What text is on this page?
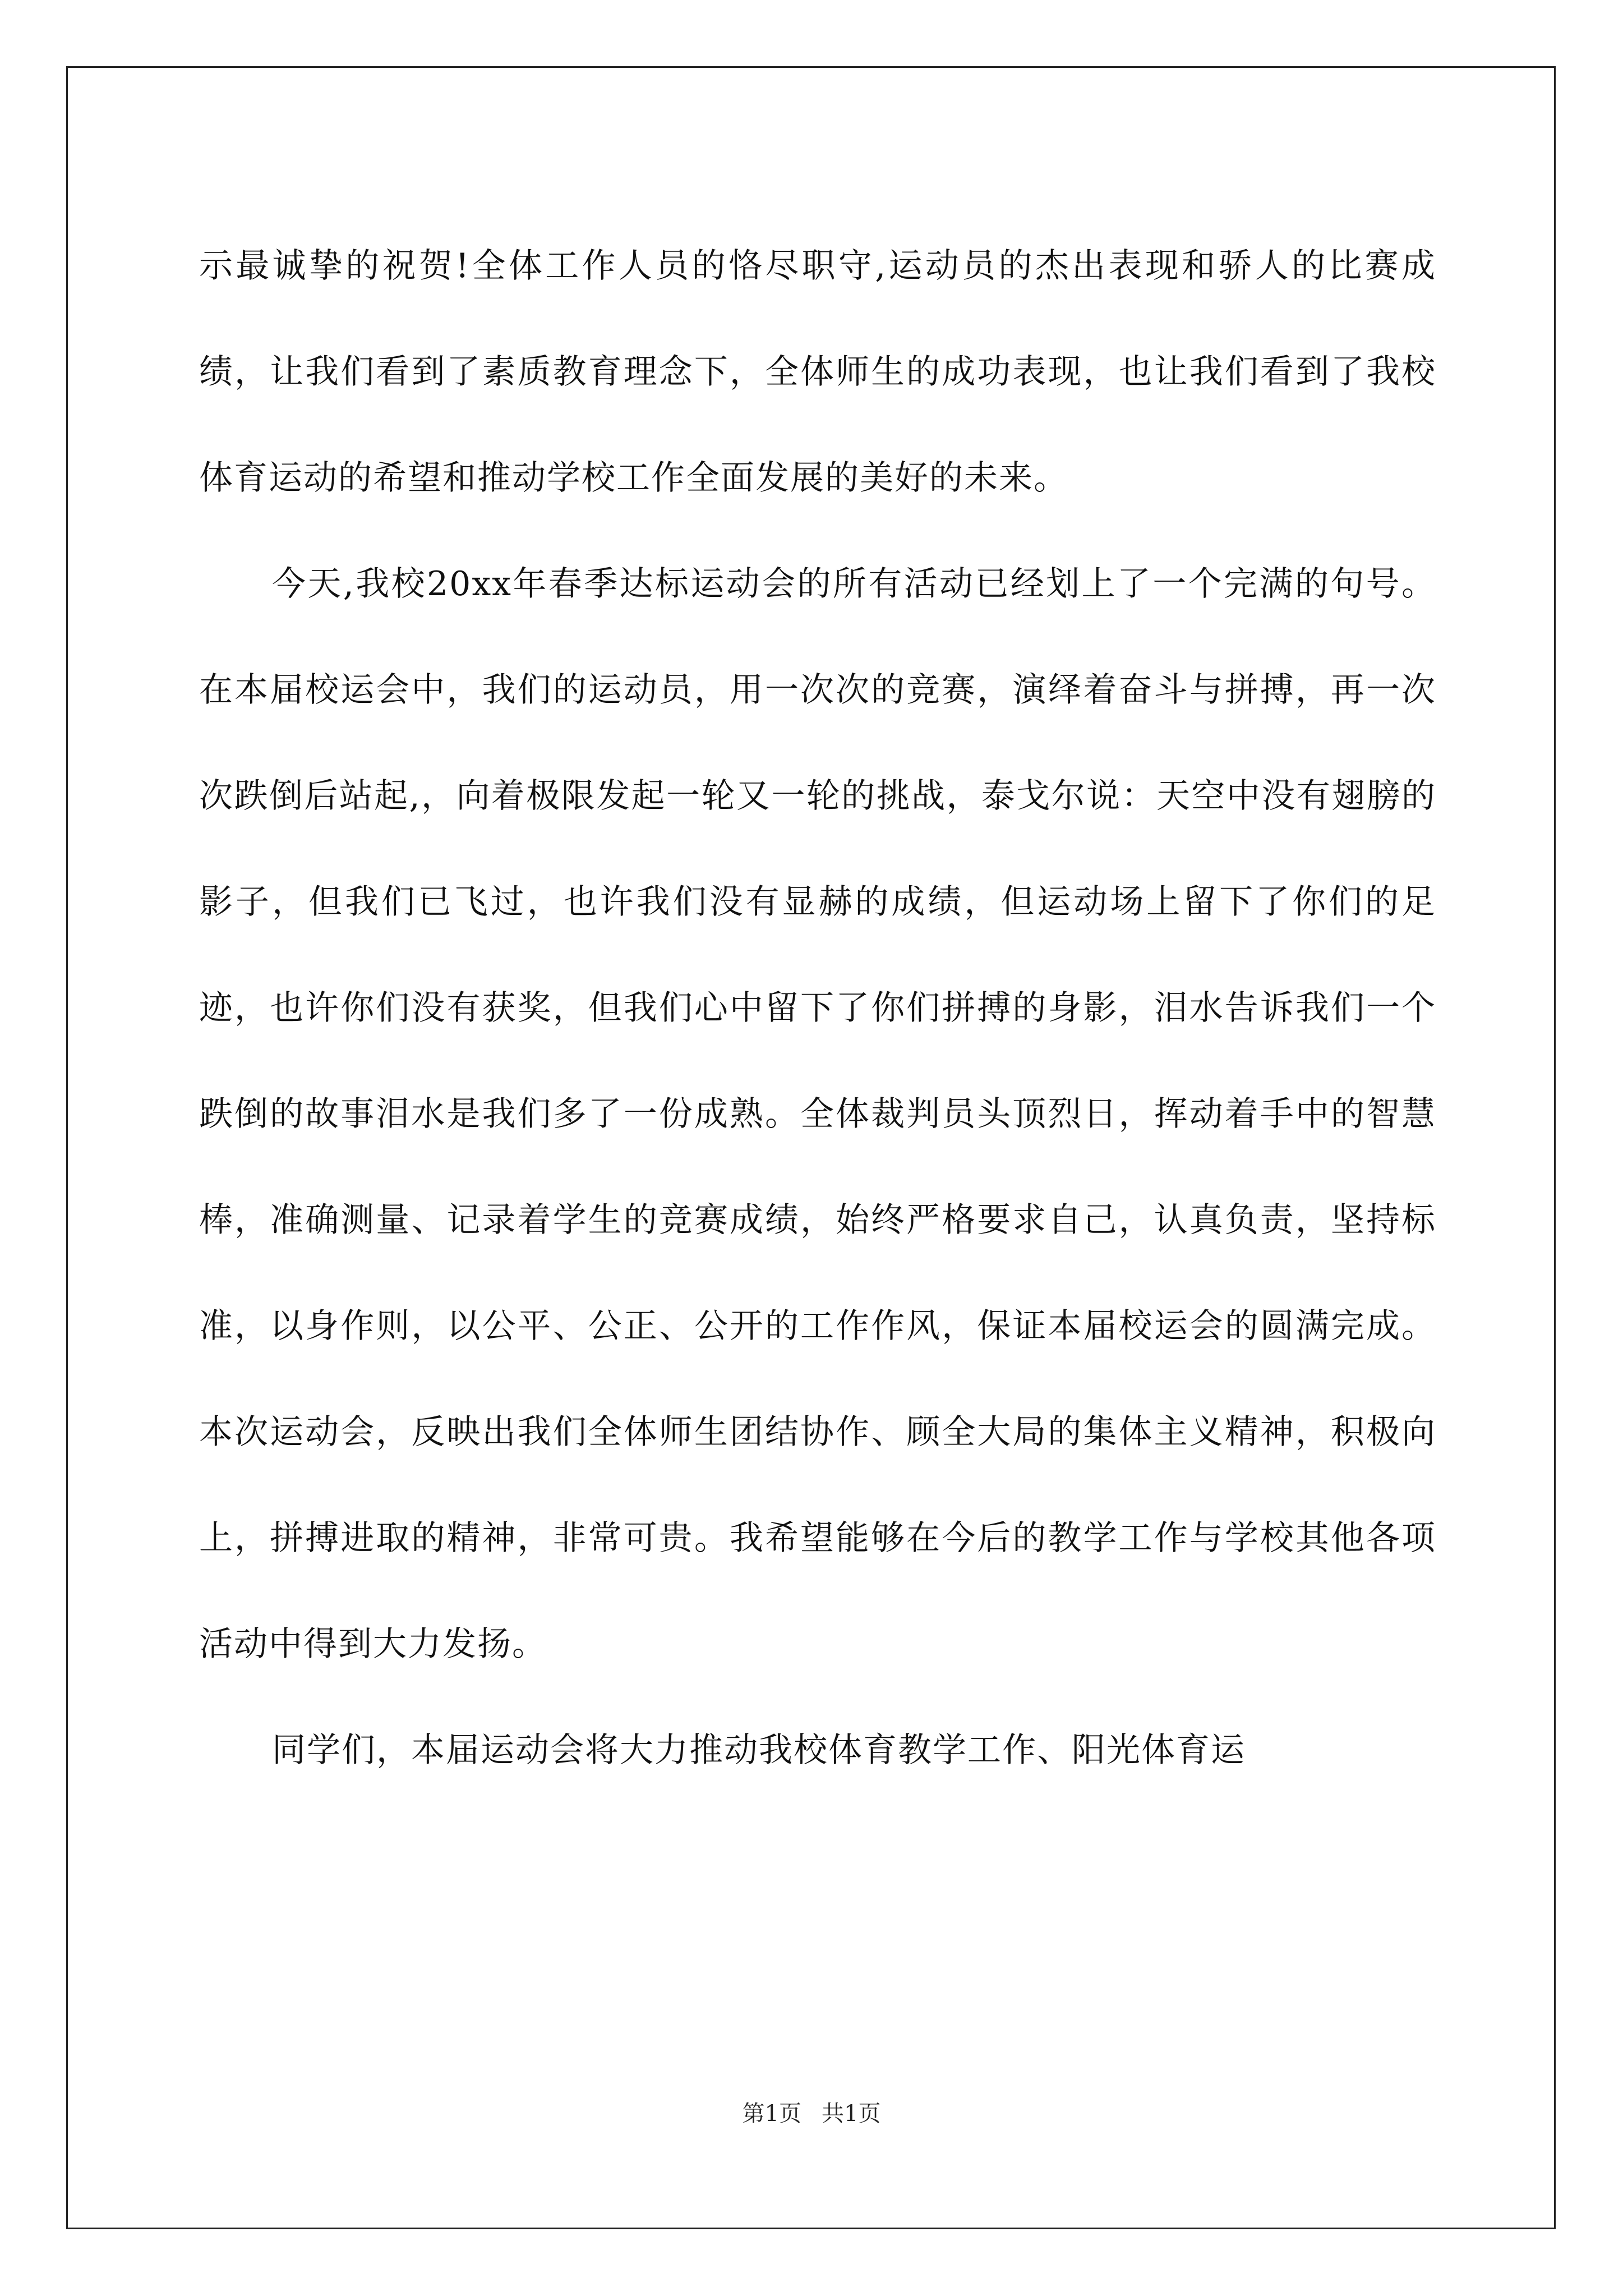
示最诚挚的祝贺!全体工作人员的恪尽职守,运动员的杰出表现和骄人的比赛成绩，让我们看到了素质教育理念下，全体师生的成功表现，也让我们看到了我校体育运动的希望和推动学校工作全面发展的美好的未来。

今天,我校20xx年春季达标运动会的所有活动已经划上了一个完满的句号。在本届校运会中，我们的运动员，用一次次的竞赛，演绎着奋斗与拼搏，再一次次跌倒后站起,，向着极限发起一轮又一轮的挑战，泰戈尔说：天空中没有翅膀的影子，但我们已飞过，也许我们没有显赫的成绩，但运动场上留下了你们的足迹，也许你们没有获奖，但我们心中留下了你们拼搏的身影，泪水告诉我们一个跌倒的故事泪水是我们多了一份成熟。全体裁判员头顶烈日，挥动着手中的智慧棒，准确测量、记录着学生的竞赛成绩，始终严格要求自己，认真负责，坚持标准，以身作则，以公平、公正、公开的工作作风，保证本届校运会的圆满完成。本次运动会，反映出我们全体师生团结协作、顾全大局的集体主义精神，积极向上，拼搏进取的精神，非常可贵。我希望能够在今后的教学工作与学校其他各项活动中得到大力发扬。

同学们，本届运动会将大力推动我校体育教学工作、阳光体育运

第1页 共1页
